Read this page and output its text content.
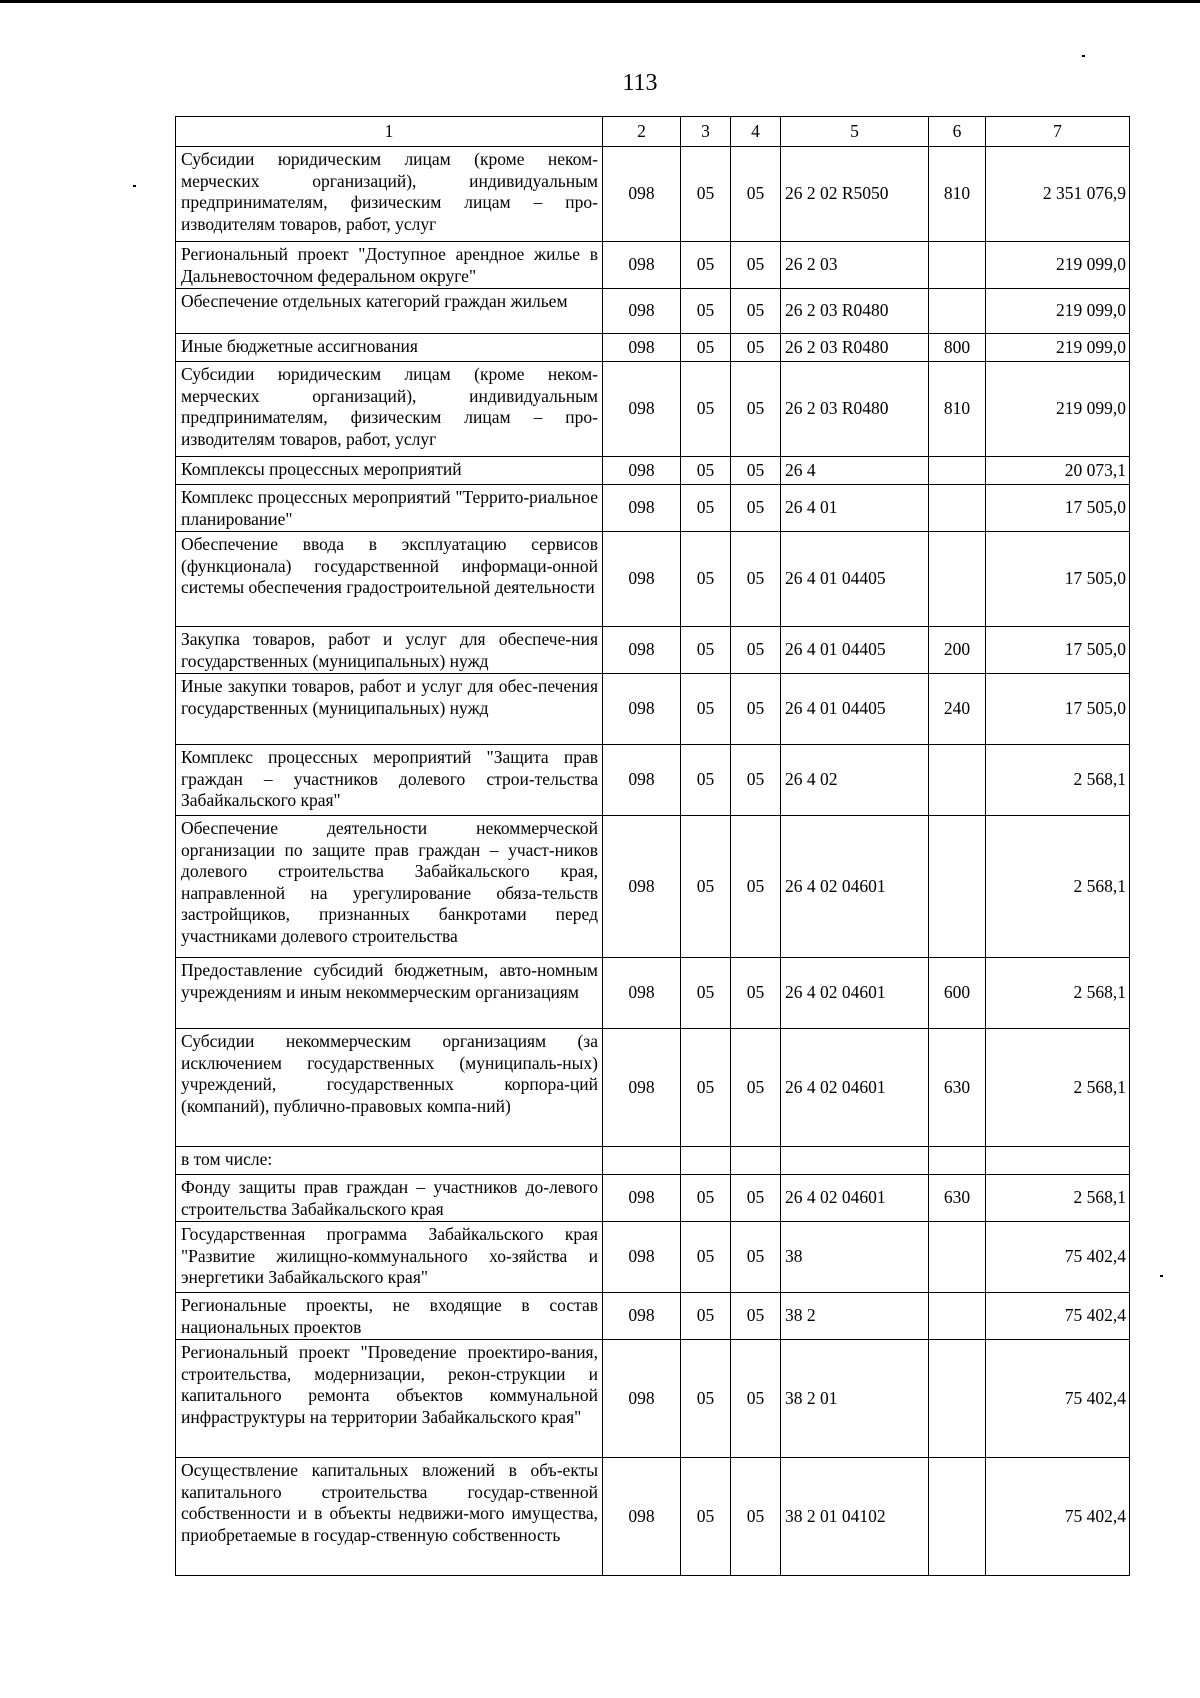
113
1	2	3	4	5	6	7
Субсидии юридическим лицам (кроме неком-мерческих организаций), индивидуальным предпринимателям, физическим лицам – про-изводителям товаров, работ, услуг	098	05	05	26 2 02 R5050	810	2 351 076,9
Региональный проект "Доступное арендное жилье в Дальневосточном федеральном округе"	098	05	05	26 2 03		219 099,0
Обеспечение отдельных категорий граждан жильем	098	05	05	26 2 03 R0480		219 099,0
Иные бюджетные ассигнования	098	05	05	26 2 03 R0480	800	219 099,0
Субсидии юридическим лицам (кроме неком-мерческих организаций), индивидуальным предпринимателям, физическим лицам – про-изводителям товаров, работ, услуг	098	05	05	26 2 03 R0480	810	219 099,0
Комплексы процессных мероприятий	098	05	05	26 4		20 073,1
Комплекс процессных мероприятий "Террито-риальное планирование"	098	05	05	26 4 01		17 505,0
Обеспечение ввода в эксплуатацию сервисов (функционала) государственной информаци-онной системы обеспечения градостроительной деятельности	098	05	05	26 4 01 04405		17 505,0
Закупка товаров, работ и услуг для обеспече-ния государственных (муниципальных) нужд	098	05	05	26 4 01 04405	200	17 505,0
Иные закупки товаров, работ и услуг для обес-печения государственных (муниципальных) нужд	098	05	05	26 4 01 04405	240	17 505,0
Комплекс процессных мероприятий "Защита прав граждан – участников долевого строи-тельства Забайкальского края"	098	05	05	26 4 02		2 568,1
Обеспечение деятельности некоммерческой организации по защите прав граждан – участ-ников долевого строительства Забайкальского края, направленной на урегулирование обяза-тельств застройщиков, признанных банкротами перед участниками долевого строительства	098	05	05	26 4 02 04601		2 568,1
Предоставление субсидий бюджетным, авто-номным учреждениям и иным некоммерческим организациям	098	05	05	26 4 02 04601	600	2 568,1
Субсидии некоммерческим организациям (за исключением государственных (муниципаль-ных) учреждений, государственных корпора-ций (компаний), публично-правовых компа-ний)	098	05	05	26 4 02 04601	630	2 568,1
в том числе:						
Фонду защиты прав граждан – участников до-левого строительства Забайкальского края	098	05	05	26 4 02 04601	630	2 568,1
Государственная программа Забайкальского края "Развитие жилищно-коммунального хо-зяйства и энергетики Забайкальского края"	098	05	05	38		75 402,4
Региональные проекты, не входящие в состав национальных проектов	098	05	05	38 2		75 402,4
Региональный проект "Проведение проектиро-вания, строительства, модернизации, рекон-струкции и капитального ремонта объектов коммунальной инфраструктуры на территории Забайкальского края"	098	05	05	38 2 01		75 402,4
Осуществление капитальных вложений в объ-екты капитального строительства государ-ственной собственности и в объекты недвижи-мого имущества, приобретаемые в государ-ственную собственность	098	05	05	38 2 01 04102		75 402,4
